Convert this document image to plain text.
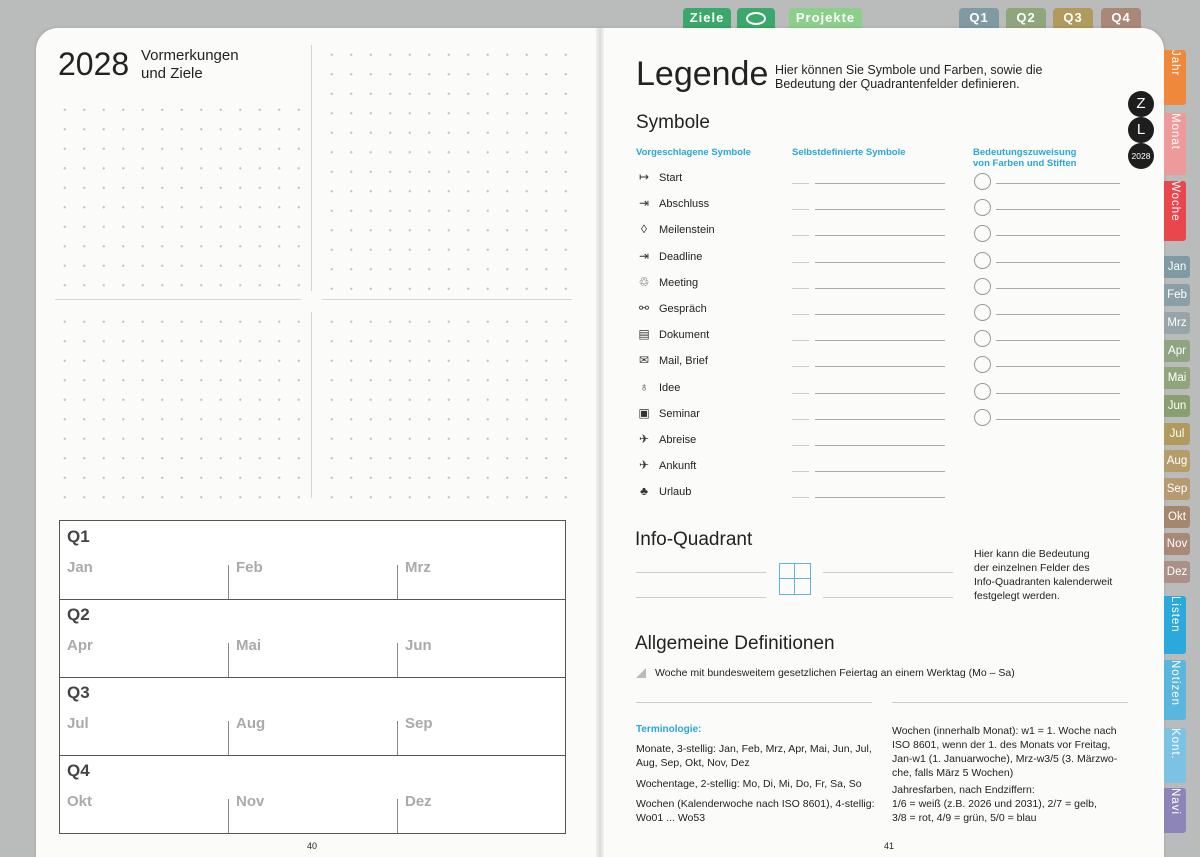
Ziele	Projekte	Q1	Q2	Q3	Q4
2028 Vormerkungen
und Ziele
Q1
Jan	Feb	Mrz
Q2
Apr	Mai	Jun
Q3
Jul	Aug	Sep
Q4
Okt	Nov	Dez
40
Legende Hier können Sie Symbole und Farben, sowie die
Bedeutung der Quadrantenfelder definieren.
Z
L
2028
Symbole
Vorgeschlagene Symbole	Selbstdefinierte Symbole	Bedeutungszuweisung
von Farben und Stiften
↦ Start
⇥ Abschluss
◊	Meilenstein
⇥ Deadline
♲ Meeting
⚯ Gespräch
▤ Dokument
✉ Mail, Brief
♁ Idee
▣ Seminar
✈ Abreise
✈ Ankunft
♣	Urlaub
Info-Quadrant
Hier kann die Bedeutung
der einzelnen Felder des
Info-Quadranten kalenderweit
festgelegt werden.
Allgemeine Definitionen
Woche mit bundesweitem gesetzlichen Feiertag an einem Werktag (Mo – Sa)
Terminologie:
Monate, 3-stellig: Jan, Feb, Mrz, Apr, Mai, Jun, Jul,
Aug, Sep, Okt, Nov, Dez
Wochentage, 2-stellig: Mo, Di, Mi, Do, Fr, Sa, So
Wochen (Kalenderwoche nach ISO 8601), 4-stellig:
Wo01 ... Wo53
Wochen (innerhalb Monat): w1 = 1. Woche nach
ISO 8601, wenn der 1. des Monats vor Freitag,
Jan-w1 (1. Januarwoche), Mrz-w3/5 (3. Märzwo-
che, falls März 5 Wochen)
Jahresfarben, nach Endziffern:
1/6 = weiß (z.B. 2026 und 2031), 2/7 = gelb,
3/8 = rot, 4/9 = grün, 5/0 = blau
41
Jahr
Monat
Woche
Jan
Feb
Mrz
Apr
Mai
Jun
Jul
Aug
Sep
Okt
Nov
Dez
Listen
Notizen
Kont.
Navi
